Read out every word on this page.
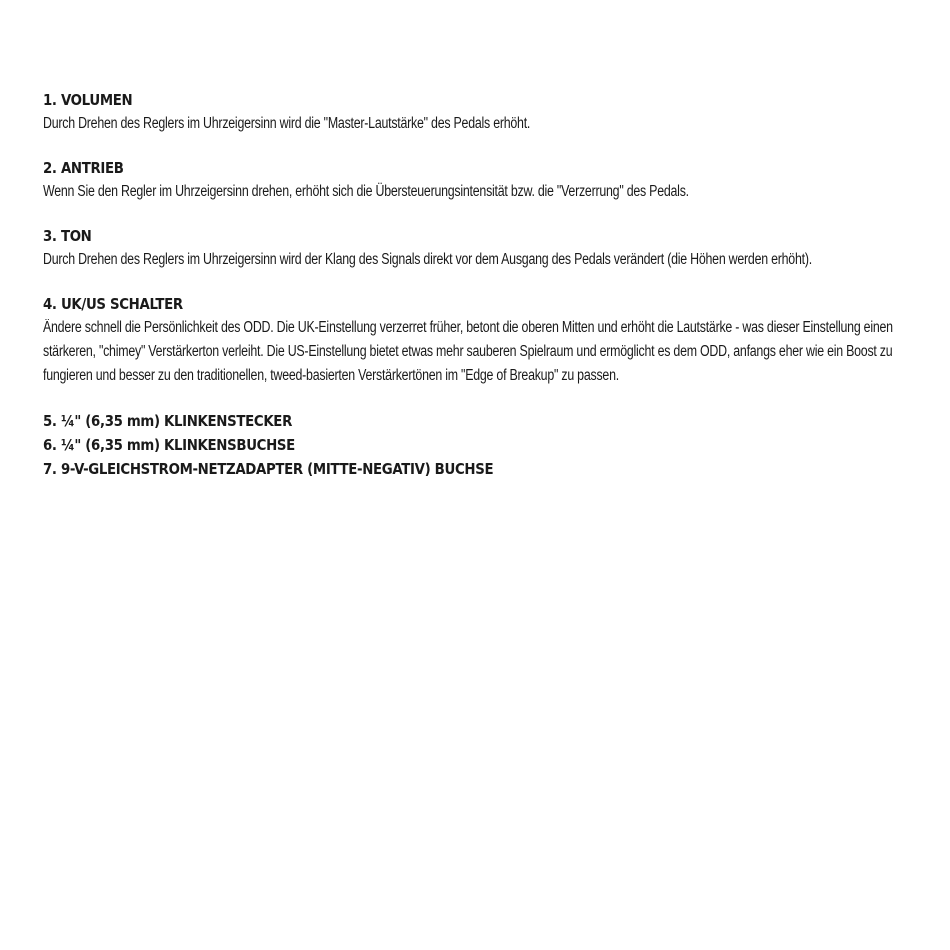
1. VOLUMEN
Durch Drehen des Reglers im Uhrzeigersinn wird die "Master-Lautstärke" des Pedals erhöht.
2. ANTRIEB
Wenn Sie den Regler im Uhrzeigersinn drehen, erhöht sich die Übersteuerungsintensität bzw. die "Verzerrung" des Pedals.
3. TON
Durch Drehen des Reglers im Uhrzeigersinn wird der Klang des Signals direkt vor dem Ausgang des Pedals verändert (die Höhen werden erhöht).
4. UK/US SCHALTER
Ändere schnell die Persönlichkeit des ODD. Die UK-Einstellung verzerret früher, betont die oberen Mitten und erhöht die Lautstärke - was dieser Einstellung einen stärkeren, "chimey" Verstärkerton verleiht. Die US-Einstellung bietet etwas mehr sauberen Spielraum und ermöglicht es dem ODD, anfangs eher wie ein Boost zu fungieren und besser zu den traditionellen, tweed-basierten Verstärkertönen im "Edge of Breakup" zu passen.
5. ¼" (6,35 mm) KLINKENSTECKER
6. ¼" (6,35 mm) KLINKENSBUCHSE
7. 9-V-GLEICHSTROM-NETZADAPTER (MITTE-NEGATIV) BUCHSE
